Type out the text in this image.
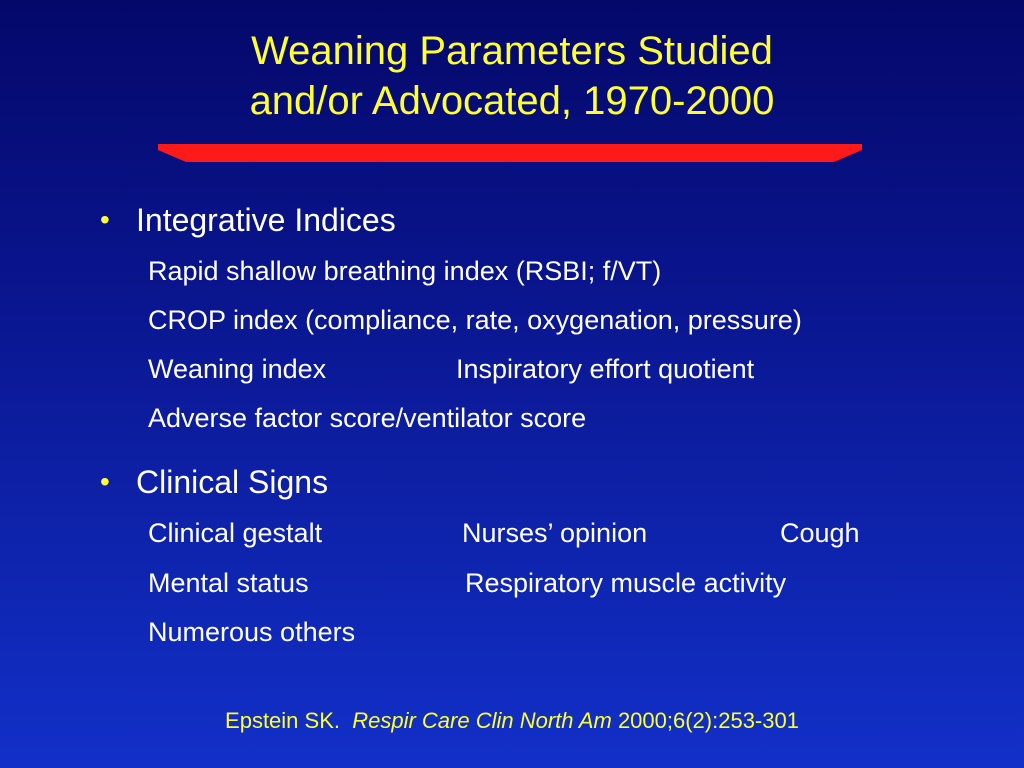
Weaning Parameters Studied
and/or Advocated, 1970-2000
• Integrative Indices
Rapid shallow breathing index (RSBI; f/VT)
CROP index (compliance, rate, oxygenation, pressure)
Weaning index	Inspiratory effort quotient
Adverse factor score/ventilator score
• Clinical Signs
Clinical gestalt	Nurses’ opinion	Cough
Mental status	Respiratory muscle activity
Numerous others
Epstein SK. Respir Care Clin North Am 2000;6(2):253-301
